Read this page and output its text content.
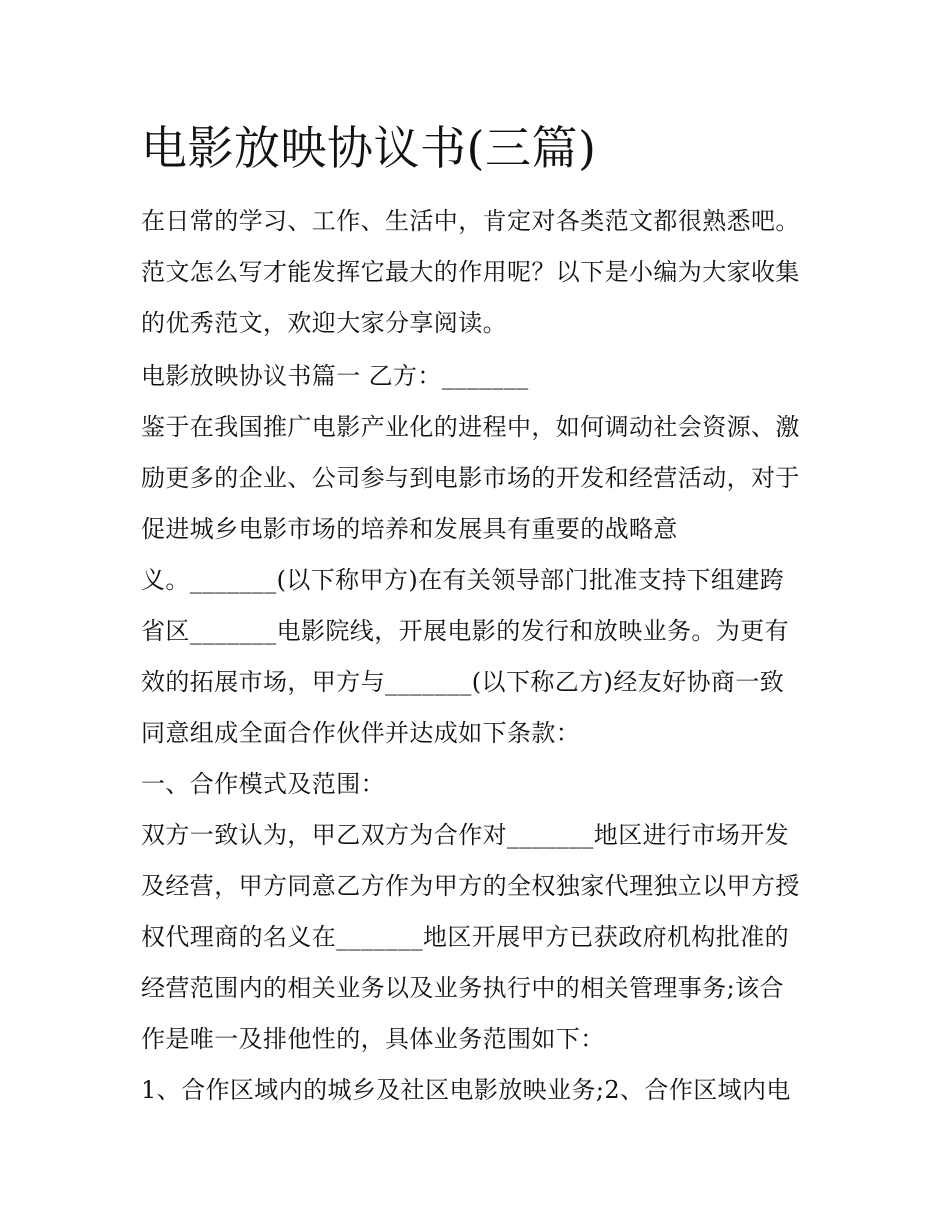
电影放映协议书(三篇)
在日常的学习、工作、生活中，肯定对各类范文都很熟悉吧。
范文怎么写才能发挥它最大的作用呢？以下是小编为大家收集
的优秀范文，欢迎大家分享阅读。
电影放映协议书篇一 乙方：_______
鉴于在我国推广电影产业化的进程中，如何调动社会资源、激
励更多的企业、公司参与到电影市场的开发和经营活动，对于
促进城乡电影市场的培养和发展具有重要的战略意
义。_______(以下称甲方)在有关领导部门批准支持下组建跨
省区_______电影院线，开展电影的发行和放映业务。为更有
效的拓展市场，甲方与_______(以下称乙方)经友好协商一致
同意组成全面合作伙伴并达成如下条款：
一、合作模式及范围：
双方一致认为，甲乙双方为合作对_______地区进行市场开发
及经营，甲方同意乙方作为甲方的全权独家代理独立以甲方授
权代理商的名义在_______地区开展甲方已获政府机构批准的
经营范围内的相关业务以及业务执行中的相关管理事务;该合
作是唯一及排他性的，具体业务范围如下：
1、合作区域内的城乡及社区电影放映业务;2、合作区域内电
